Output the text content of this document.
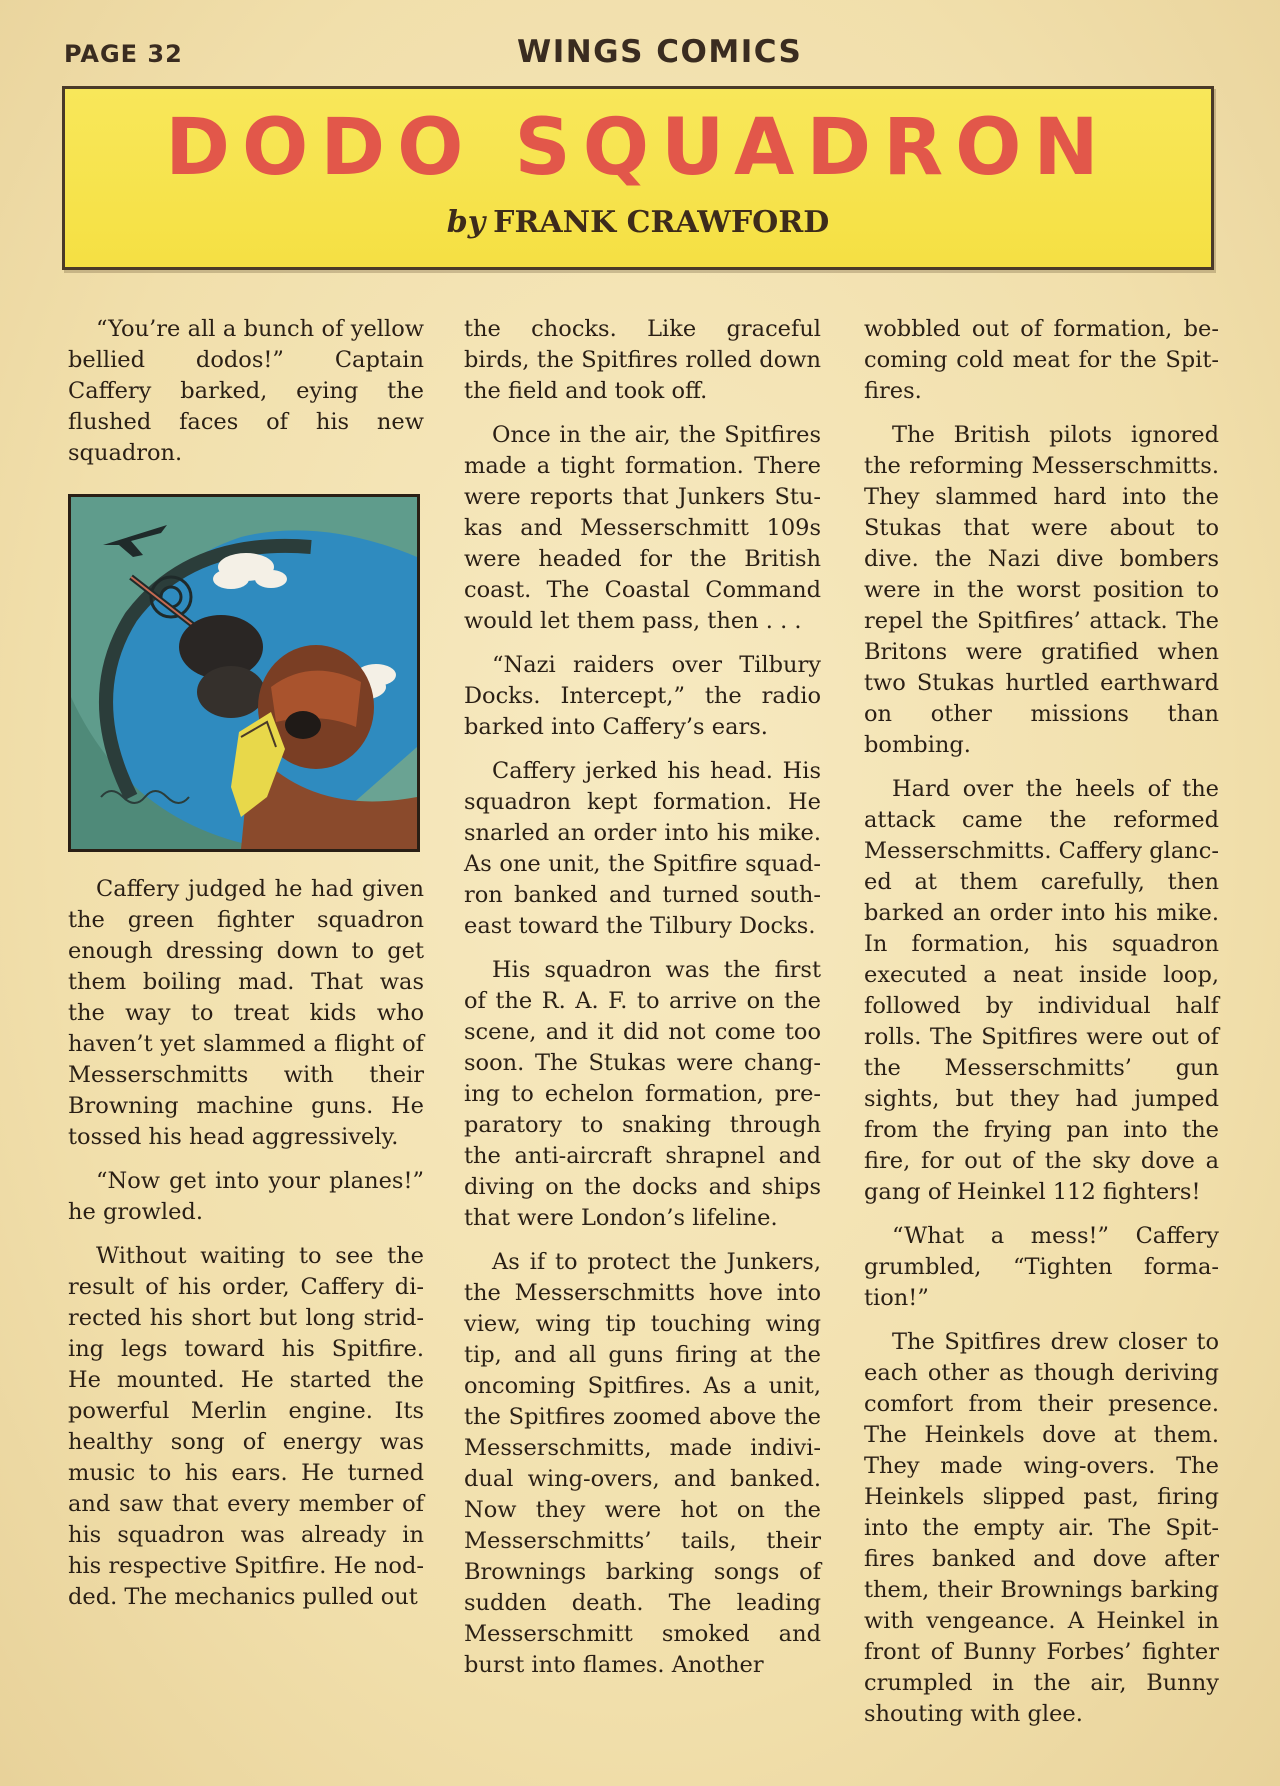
PAGE 32	WINGS COMICS
DODO SQUADRON
by FRANK CRAWFORD

“You’re all a bunch of yellow bellied dodos!” Captain Caffery barked, eying the flushed faces of his new squadron.

Caffery judged he had given the green fighter squadron enough dressing down to get them boiling mad. That was the way to treat kids who haven’t yet slammed a flight of Messerschmitts with their Browning machine guns. He tossed his head aggressively.

“Now get into your planes!” he growled.

Without waiting to see the result of his order, Caffery directed his short but long striding legs toward his Spitfire. He mounted. He started the powerful Merlin engine. Its healthy song of energy was music to his ears. He turned and saw that every member of his squadron was already in his respective Spitfire. He nodded. The mechanics pulled out

the chocks. Like graceful birds, the Spitfires rolled down the field and took off.

Once in the air, the Spitfires made a tight formation. There were reports that Junkers Stukas and Messerschmitt 109s were headed for the British coast. The Coastal Command would let them pass, then . . .

“Nazi raiders over Tilbury Docks. Intercept,” the radio barked into Caffery’s ears.

Caffery jerked his head. His squadron kept formation. He snarled an order into his mike. As one unit, the Spitfire squadron banked and turned southeast toward the Tilbury Docks.

His squadron was the first of the R. A. F. to arrive on the scene, and it did not come too soon. The Stukas were changing to echelon formation, preparatory to snaking through the anti-aircraft shrapnel and diving on the docks and ships that were London’s lifeline.

As if to protect the Junkers, the Messerschmitts hove into view, wing tip touching wing tip, and all guns firing at the oncoming Spitfires. As a unit, the Spitfires zoomed above the Messerschmitts, made individual wing-overs, and banked. Now they were hot on the Messerschmitts’ tails, their Brownings barking songs of sudden death. The leading Messerschmitt smoked and burst into flames. Another

wobbled out of formation, becoming cold meat for the Spitfires.

The British pilots ignored the reforming Messerschmitts. They slammed hard into the Stukas that were about to dive. the Nazi dive bombers were in the worst position to repel the Spitfires’ attack. The Britons were gratified when two Stukas hurtled earthward on other missions than bombing.

Hard over the heels of the attack came the reformed Messerschmitts. Caffery glanced at them carefully, then barked an order into his mike. In formation, his squadron executed a neat inside loop, followed by individual half rolls. The Spitfires were out of the Messerschmitts’ gun sights, but they had jumped from the frying pan into the fire, for out of the sky dove a gang of Heinkel 112 fighters!

“What a mess!” Caffery grumbled, “Tighten formation!”

The Spitfires drew closer to each other as though deriving comfort from their presence. The Heinkels dove at them. They made wing-overs. The Heinkels slipped past, firing into the empty air. The Spitfires banked and dove after them, their Brownings barking with vengeance. A Heinkel in front of Bunny Forbes’ fighter crumpled in the air, Bunny shouting with glee.
